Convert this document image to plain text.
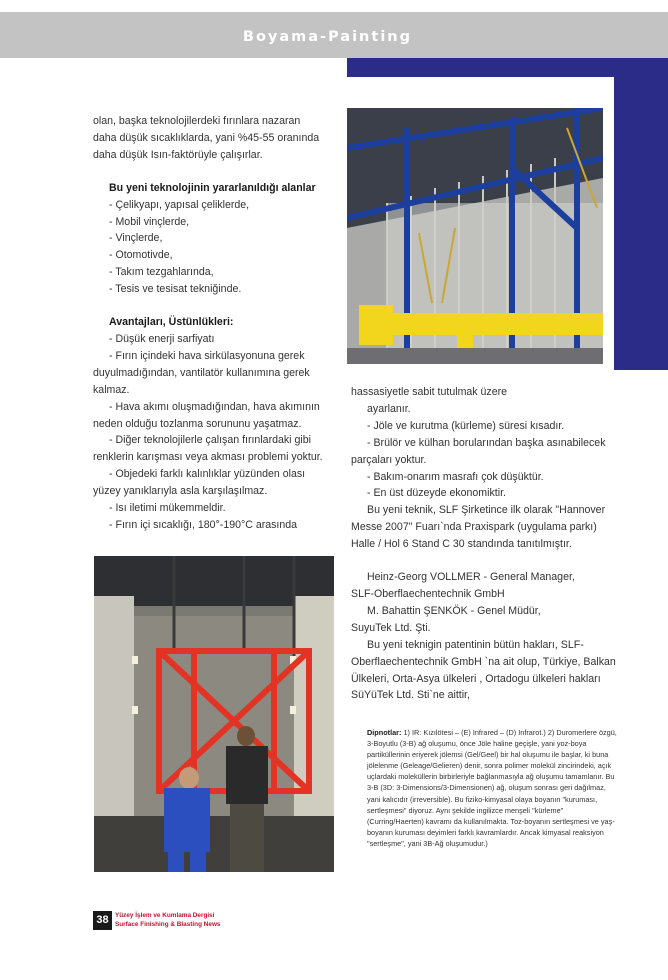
Boyama-Painting

olan, başka teknolojilerdeki fırınlara nazaran

daha düşük sıcaklıklarda, yani %45-55 oranında

daha düşük Isın-faktörüyle çalışırlar.

Bu yeni teknolojinin yararlanıldığı alanlar

- Çelikyapı, yapısal çeliklerde,

- Mobil vinçlerde,

- Vinçlerde,

- Otomotivde,

- Takım tezgahlarında,

- Tesis ve tesisat tekniğinde.

Avantajları, Üstünlükleri:

- Düşük enerji sarfiyatı

- Fırın içindeki hava sirkülasyonuna gerek duyulmadığından, vantilatör kullanımına gerek kalmaz.

- Hava akımı oluşmadığından, hava akımının neden olduğu tozlanma sorununu yaşatmaz.

- Diğer teknolojilerle çalışan fırınlardaki gibi renklerin karışması veya akması problemi yoktur.

- Objedeki farklı kalınlıklar yüzünden olası yüzey yanıklarıyla asla karşılaşılmaz.

- Isı iletimi mükemmeldir.

- Fırın içi sıcaklığı, 180°-190°C arasında

hassasiyetle sabit tutulmak üzere

ayarlanır.

- Jöle ve kurutma (kürleme) süresi kısadır.

- Brülör ve külhan borularından başka asınabilecek parçaları yoktur.

- Bakım-onarım masrafı çok düşüktür.

- En üst düzeyde ekonomiktir.

Bu yeni teknik, SLF Şirketince ilk olarak "Hannover Messe 2007" Fuarı`nda Praxispark (uygulama parkı) Halle / Hol 6 Stand C 30 standında tanıtılmıştır.

Heinz-Georg VOLLMER - General Manager,

SLF-Oberflaechentechnik GmbH

M. Bahattin ŞENKÖK - Genel Müdür,

SuyuTek Ltd. Şti.

Bu yeni teknigin patentinin bütün hakları, SLF-Oberflaechentechnik GmbH `na ait olup, Türkiye, Balkan Ülkeleri, Orta-Asya ülkeleri , Ortadogu ülkeleri hakları SüYüTek Ltd. Sti`ne aittir,

Dipnotlar: 1) IR: Kızılötesi – (E) Infrared – (D) Infrarot.) 2) Duromerlere özgü, 3-Boyutlu (3-B) ağ oluşumu, önce Jöle haline geçişle, yani yoz-boya partiküllerinin eriyerek jölemsi (Gel/Geel) bir hal oluşumu ile başlar, ki buna jölelenme (Geleage/Gelieren) denir, sonra polimer molekül zincirindeki, açık uçlardaki moleküllerin birbirleriyle bağlanmasıyla ağ oluşumu tamamlanır. Bu 3-B (3D: 3-Dimensions/3-Dimensionen) ağ, oluşum sonrası geri dağılmaz, yani kalıcıdır (irreversible). Bu fiziko-kimyasal olaya boyanın "kuruması, sertleşmesi" diyoruz. Aynı şekilde ingilizce menşeli "kürleme" (Curring/Haerten) kavramı da kullanılmakta. Toz-boyanın sertleşmesi ve yaş-boyanın kuruması deyimleri farklı kavramlardır. Ancak kimyasal reaksiyon "sertleşme", yani 3B-Ağ oluşumudur.)
38 Yüzey İşlem ve Kumlama Dergisi
Surface Finishing & Blasting News
